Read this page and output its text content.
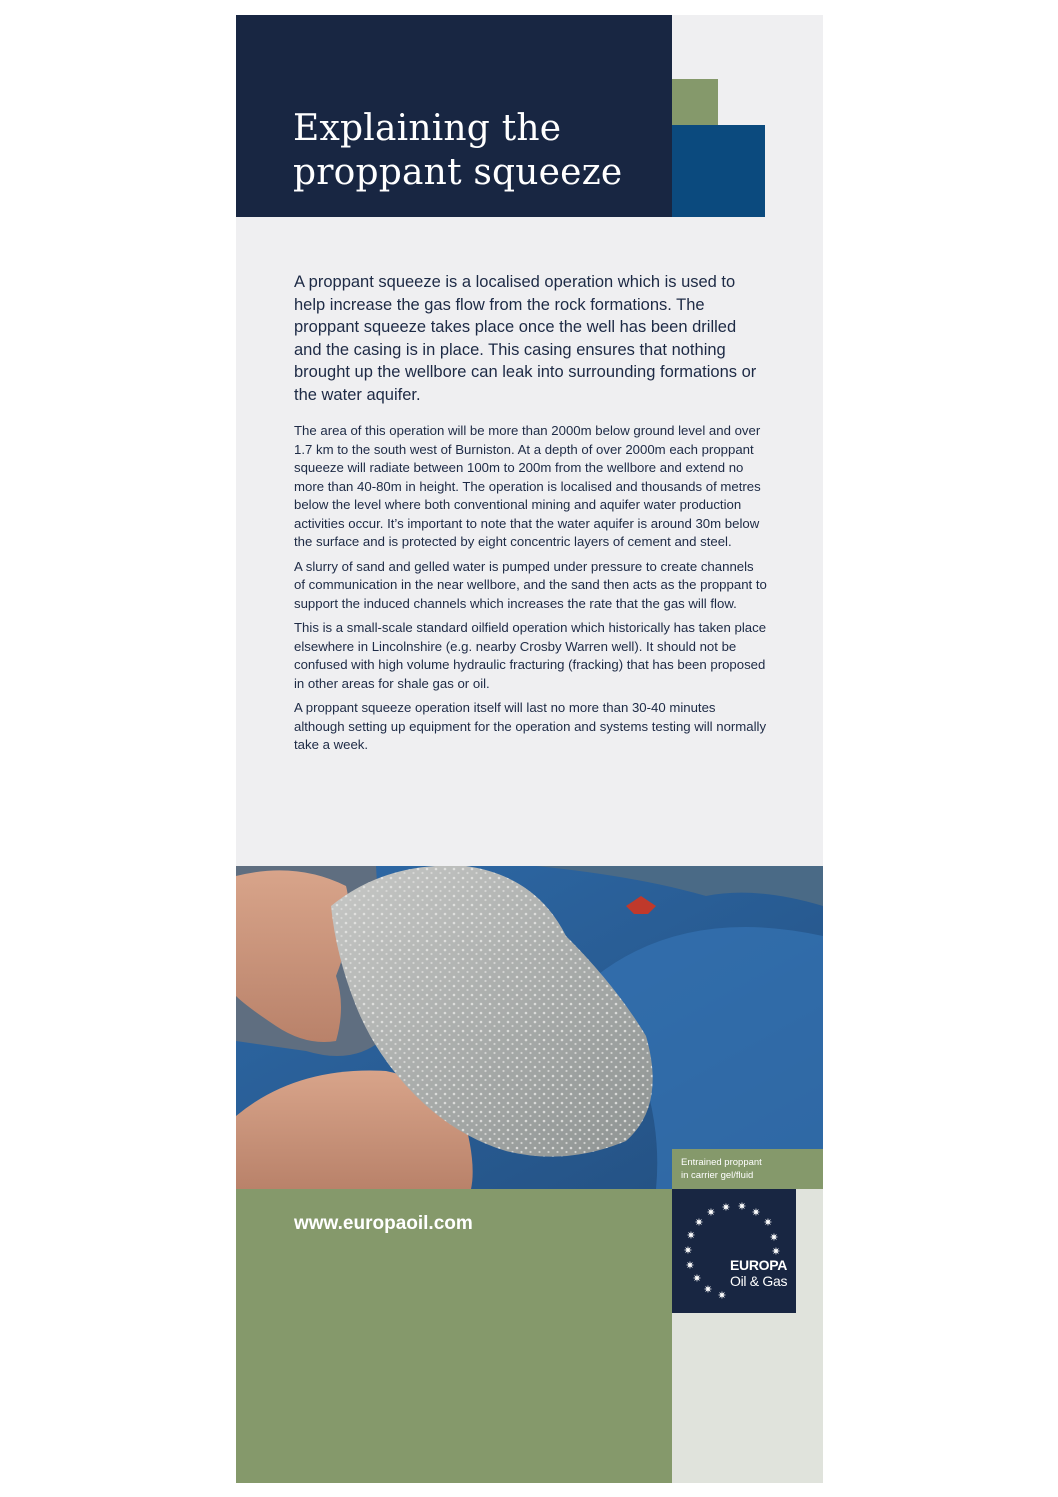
Explaining the
proppant squeeze

A proppant squeeze is a localised operation which is used to help increase the gas flow from the rock formations. The proppant squeeze takes place once the well has been drilled and the casing is in place. This casing ensures that nothing brought up the wellbore can leak into surrounding formations or the water aquifer.

The area of this operation will be more than 2000m below ground level and over 1.7 km to the south west of Burniston. At a depth of over 2000m each proppant squeeze will radiate between 100m to 200m from the wellbore and extend no more than 40-80m in height. The operation is localised and thousands of metres below the level where both conventional mining and aquifer water production activities occur. It’s important to note that the water aquifer is around 30m below the surface and is protected by eight concentric layers of cement and steel.

A slurry of sand and gelled water is pumped under pressure to create channels of communication in the near wellbore, and the sand then acts as the proppant to support the induced channels which increases the rate that the gas will flow.

This is a small-scale standard oilfield operation which historically has taken place elsewhere in Lincolnshire (e.g. nearby Crosby Warren well). It should not be confused with high volume hydraulic fracturing (fracking) that has been proposed in other areas for shale gas or oil.

A proppant squeeze operation itself will last no more than 30-40 minutes although setting up equipment for the operation and systems testing will normally take a week.

Entrained proppant
in carrier gel/fluid

www.europaoil.com

✷ ✷ ✷
✷
✷
✷
✷
✷
✷
✷
✷
✷
✷ ✷

EUROPA

Oil & Gas
